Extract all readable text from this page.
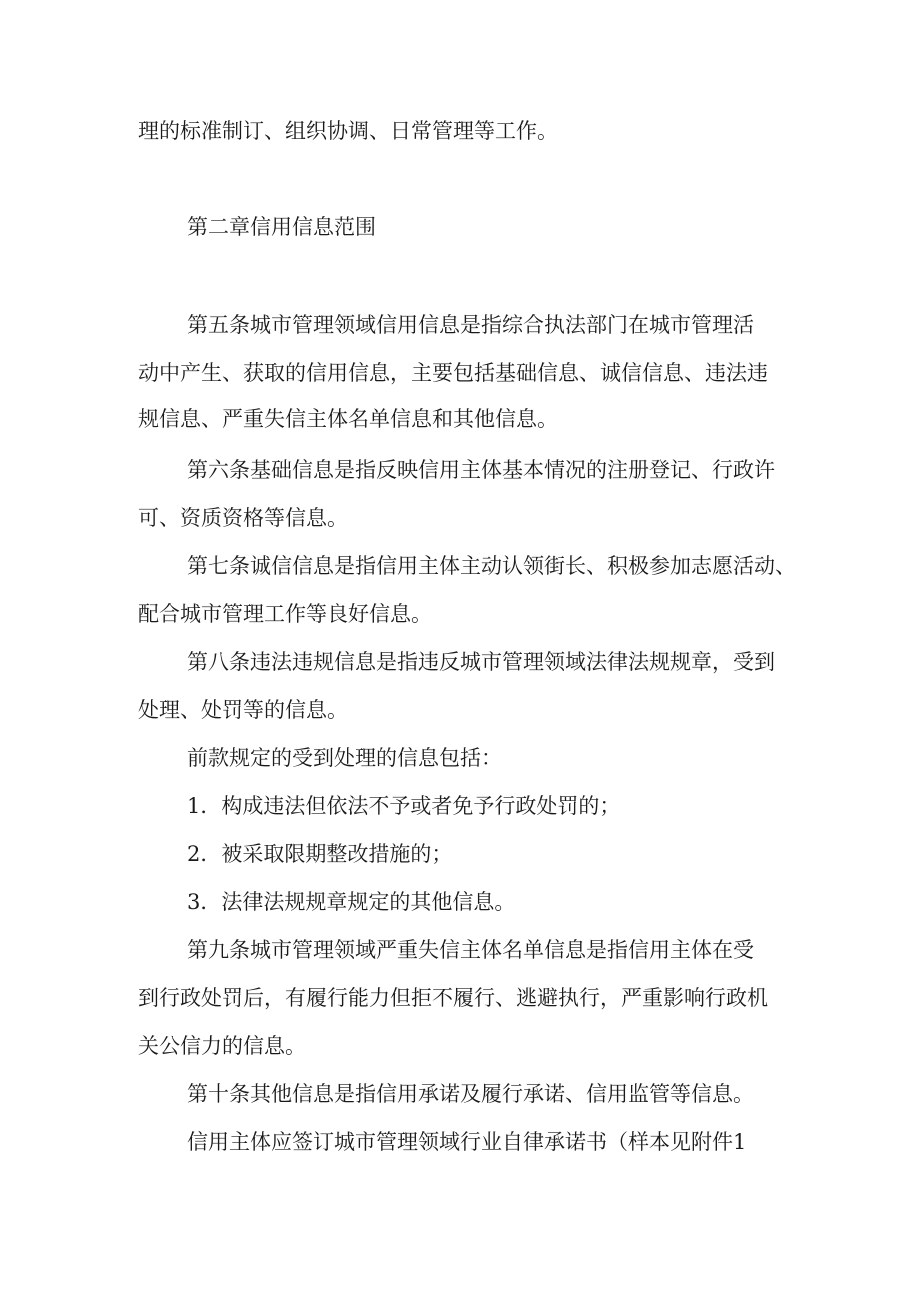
理的标准制订、组织协调、日常管理等工作。
第二章信用信息范围
第五条城市管理领域信用信息是指综合执法部门在城市管理活
动中产生、获取的信用信息，主要包括基础信息、诚信信息、违法违
规信息、严重失信主体名单信息和其他信息。
第六条基础信息是指反映信用主体基本情况的注册登记、行政许
可、资质资格等信息。
第七条诚信信息是指信用主体主动认领街长、积极参加志愿活动、
配合城市管理工作等良好信息。
第八条违法违规信息是指违反城市管理领域法律法规规章，受到
处理、处罚等的信息。
前款规定的受到处理的信息包括：
1．构成违法但依法不予或者免予行政处罚的；
2．被采取限期整改措施的；
3．法律法规规章规定的其他信息。
第九条城市管理领域严重失信主体名单信息是指信用主体在受
到行政处罚后，有履行能力但拒不履行、逃避执行，严重影响行政机
关公信力的信息。
第十条其他信息是指信用承诺及履行承诺、信用监管等信息。
信用主体应签订城市管理领域行业自律承诺书（样本见附件1
